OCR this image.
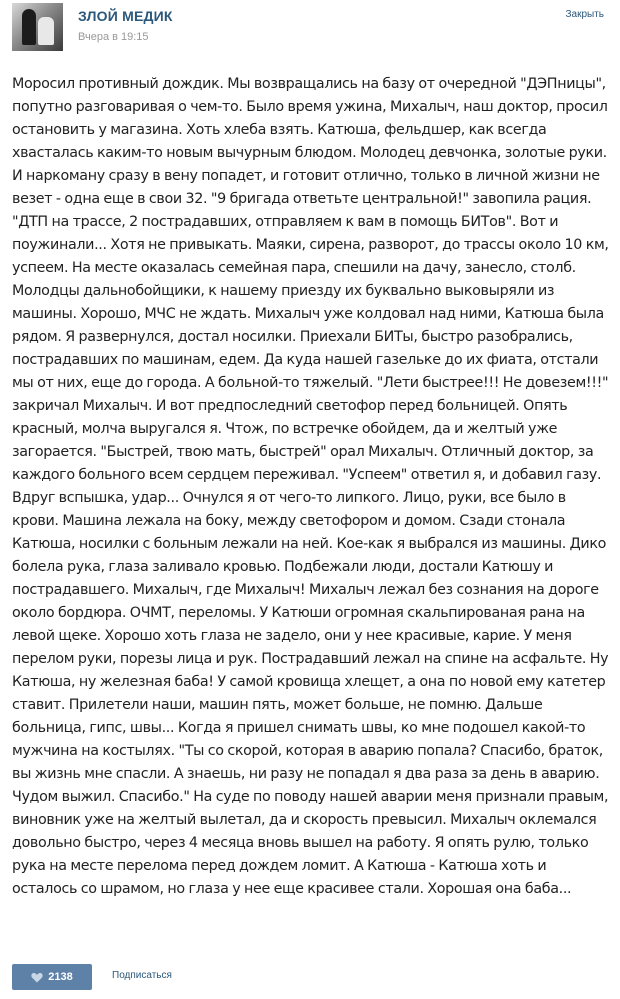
ЗЛОЙ МЕДИК
Вчера в 19:15
Закрыть

Моросил противный дождик. Мы возвращались на базу от очередной "ДЭПницы", попутно разговаривая о чем-то. Было время ужина, Михалыч, наш доктор, просил остановить у магазина. Хоть хлеба взять. Катюша, фельдшер, как всегда хвасталась каким-то новым вычурным блюдом. Молодец девчонка, золотые руки. И наркоману сразу в вену попадет, и готовит отлично, только в личной жизни не везет - одна еще в свои 32. "9 бригада ответьте центральной!" завопила рация. "ДТП на трассе, 2 пострадавших, отправляем к вам в помощь БИТов". Вот и поужинали... Хотя не привыкать. Маяки, сирена, разворот, до трассы около 10 км, успеем. На месте оказалась семейная пара, спешили на дачу, занесло, столб. Молодцы дальнобойщики, к нашему приезду их буквально выковыряли из машины. Хорошо, МЧС не ждать. Михалыч уже колдовал над ними, Катюша была рядом. Я развернулся, достал носилки. Приехали БИТы, быстро разобрались, пострадавших по машинам, едем. Да куда нашей газельке до их фиата, отстали мы от них, еще до города. А больной-то тяжелый. "Лети быстрее!!! Не довезем!!!" закричал Михалыч. И вот предпоследний светофор перед больницей. Опять красный, молча выругался я. Чтож, по встречке обойдем, да и желтый уже загорается. "Быстрей, твою мать, быстрей" орал Михалыч. Отличный доктор, за каждого больного всем сердцем переживал. "Успеем" ответил я, и добавил газу. Вдруг вспышка, удар... Очнулся я от чего-то липкого. Лицо, руки, все было в крови. Машина лежала на боку, между светофором и домом. Сзади стонала Катюша, носилки с больным лежали на ней. Кое-как я выбрался из машины. Дико болела рука, глаза заливало кровью. Подбежали люди, достали Катюшу и пострадавшего. Михалыч, где Михалыч! Михалыч лежал без сознания на дороге около бордюра. ОЧМТ, переломы. У Катюши огромная скальпированая рана на левой щеке. Хорошо хоть глаза не задело, они у нее красивые, карие. У меня перелом руки, порезы лица и рук. Пострадавший лежал на спине на асфальте. Ну Катюша, ну железная баба! У самой кровища хлещет, а она по новой ему катетер ставит. Прилетели наши, машин пять, может больше, не помню. Дальше больница, гипс, швы... Когда я пришел снимать швы, ко мне подошел какой-то мужчина на костылях. "Ты со скорой, которая в аварию попала? Спасибо, браток, вы жизнь мне спасли. А знаешь, ни разу не попадал я два раза за день в аварию. Чудом выжил. Спасибо." На суде по поводу нашей аварии меня признали правым, виновник уже на желтый вылетал, да и скорость превысил. Михалыч оклемался довольно быстро, через 4 месяца вновь вышел на работу. Я опять рулю, только рука на месте перелома перед дождем ломит. А Катюша - Катюша хоть и осталось со шрамом, но глаза у нее еще красивее стали. Хорошая она баба...

2138	Подписаться
